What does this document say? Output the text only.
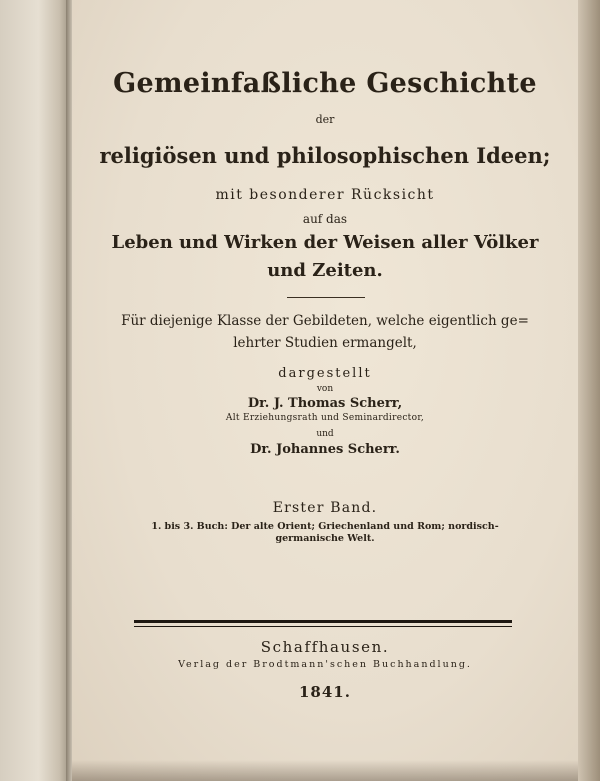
Gemeinfaßliche Geschichte
der
religiösen und philosophischen Ideen;
mit besonderer Rücksicht
auf das
Leben und Wirken der Weisen aller Völker
und Zeiten.
Für diejenige Klasse der Gebildeten, welche eigentlich ge=
lehrter Studien ermangelt,
dargestellt
von
Dr. J. Thomas Scherr,
Alt Erziehungsrath und Seminardirector,
und
Dr. Johannes Scherr.
Erster Band.
1. bis 3. Buch: Der alte Orient; Griechenland und Rom; nordisch-
germanische Welt.
Schaffhausen.
Verlag der Brodtmann'schen Buchhandlung.
1841.
